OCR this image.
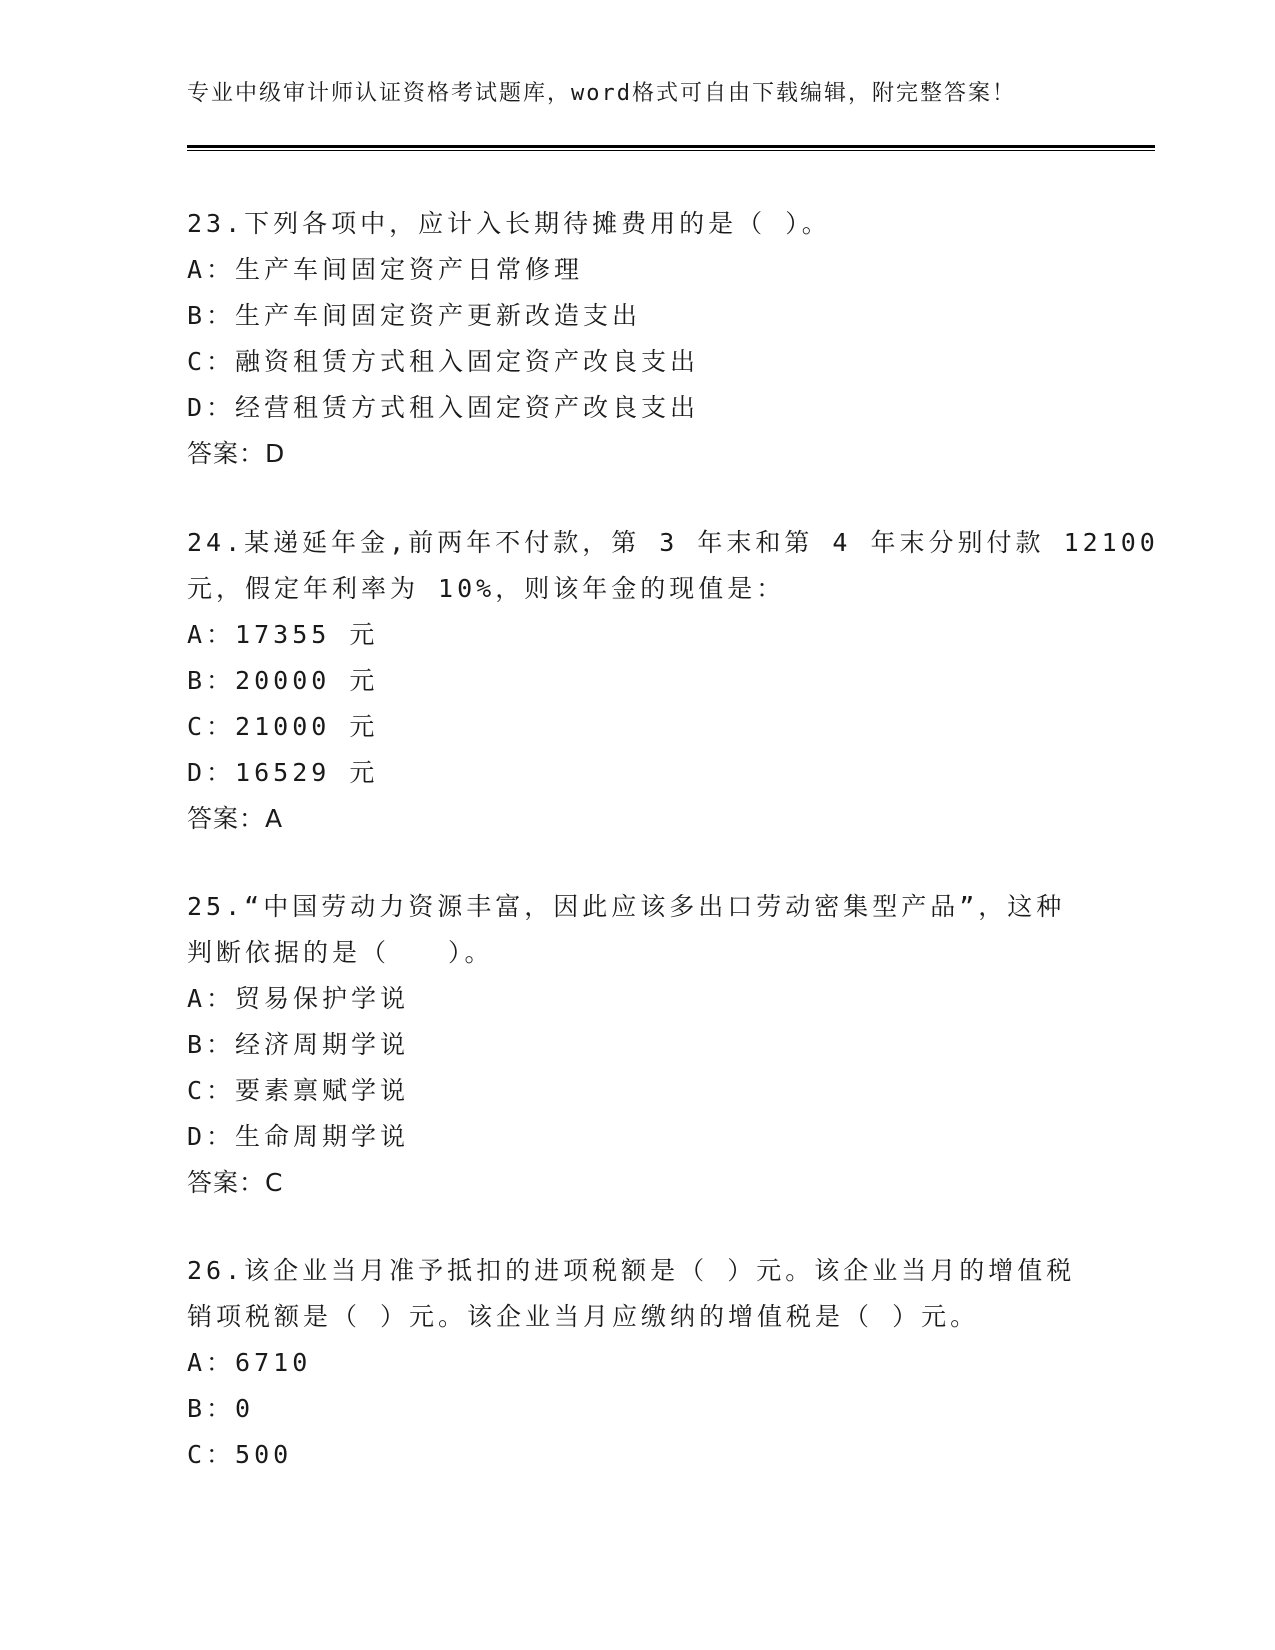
专业中级审计师认证资格考试题库，word格式可自由下载编辑，附完整答案！
23.下列各项中，应计入长期待摊费用的是（ ）。
A：生产车间固定资产日常修理
B：生产车间固定资产更新改造支出
C：融资租赁方式租入固定资产改良支出
D：经营租赁方式租入固定资产改良支出
答案：D
24.某递延年金,前两年不付款，第 3 年末和第 4 年末分别付款 12100
元，假定年利率为 10%，则该年金的现值是：
A：17355 元
B：20000 元
C：21000 元
D：16529 元
答案：A
25.“中国劳动力资源丰富，因此应该多出口劳动密集型产品”，这种
判断依据的是（　　）。
A：贸易保护学说
B：经济周期学说
C：要素禀赋学说
D：生命周期学说
答案：C
26.该企业当月准予抵扣的进项税额是（ ）元。该企业当月的增值税
销项税额是（ ）元。该企业当月应缴纳的增值税是（ ）元。
A：6710
B：0
C：500
